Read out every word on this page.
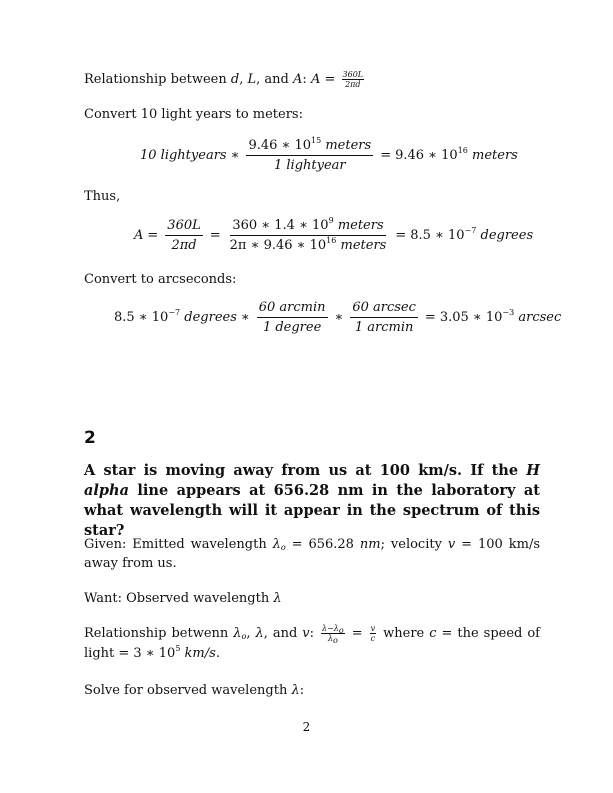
Relationship between d, L, and A: $A = \frac{360L}{2\pi d}$
Convert 10 light years to meters:
10 lightyears ∗ $\frac{9.46 ∗ 10^{15} meters}{\text{1 lightyear}} = 9.46$ ∗ $10^{16}$ meters
Thus,
$A = \frac{360L}{2\pi d} = \frac{360 ∗ 1.4 ∗ 10^9 meters}{2\pi ∗ 9.46 ∗ 10^{16} meters} = 8.5$ ∗ $10^{-7}$ degrees
Convert to arcseconds:
8.5 ∗ $10^{-7}$ degrees ∗ $\frac{\text{60 arcmin}}{\text{1 degree}}$ ∗ $\frac{\text{60 arcsec}}{\text{1 arcmin}} = 3.05$ ∗ $10^{-3}$ arcsec
2
A star is moving away from us at 100 km/s. If the H alpha line appears at 656.28 nm in the laboratory at what wavelength will it appear in the spectrum of this star?
Given: Emitted wavelength $\lambda_o = 656.28$ nm; velocity v = 100 km/s away from us.
Want: Observed wavelength λ
Relationship betwenn $\lambda_o$, λ, and v: $\frac{\lambda-\lambda_o}{\lambda_o} = \frac{v}{c}$ where c = the speed of light = 3 ∗ $10^5$ km/s.
Solve for observed wavelength λ:
2
